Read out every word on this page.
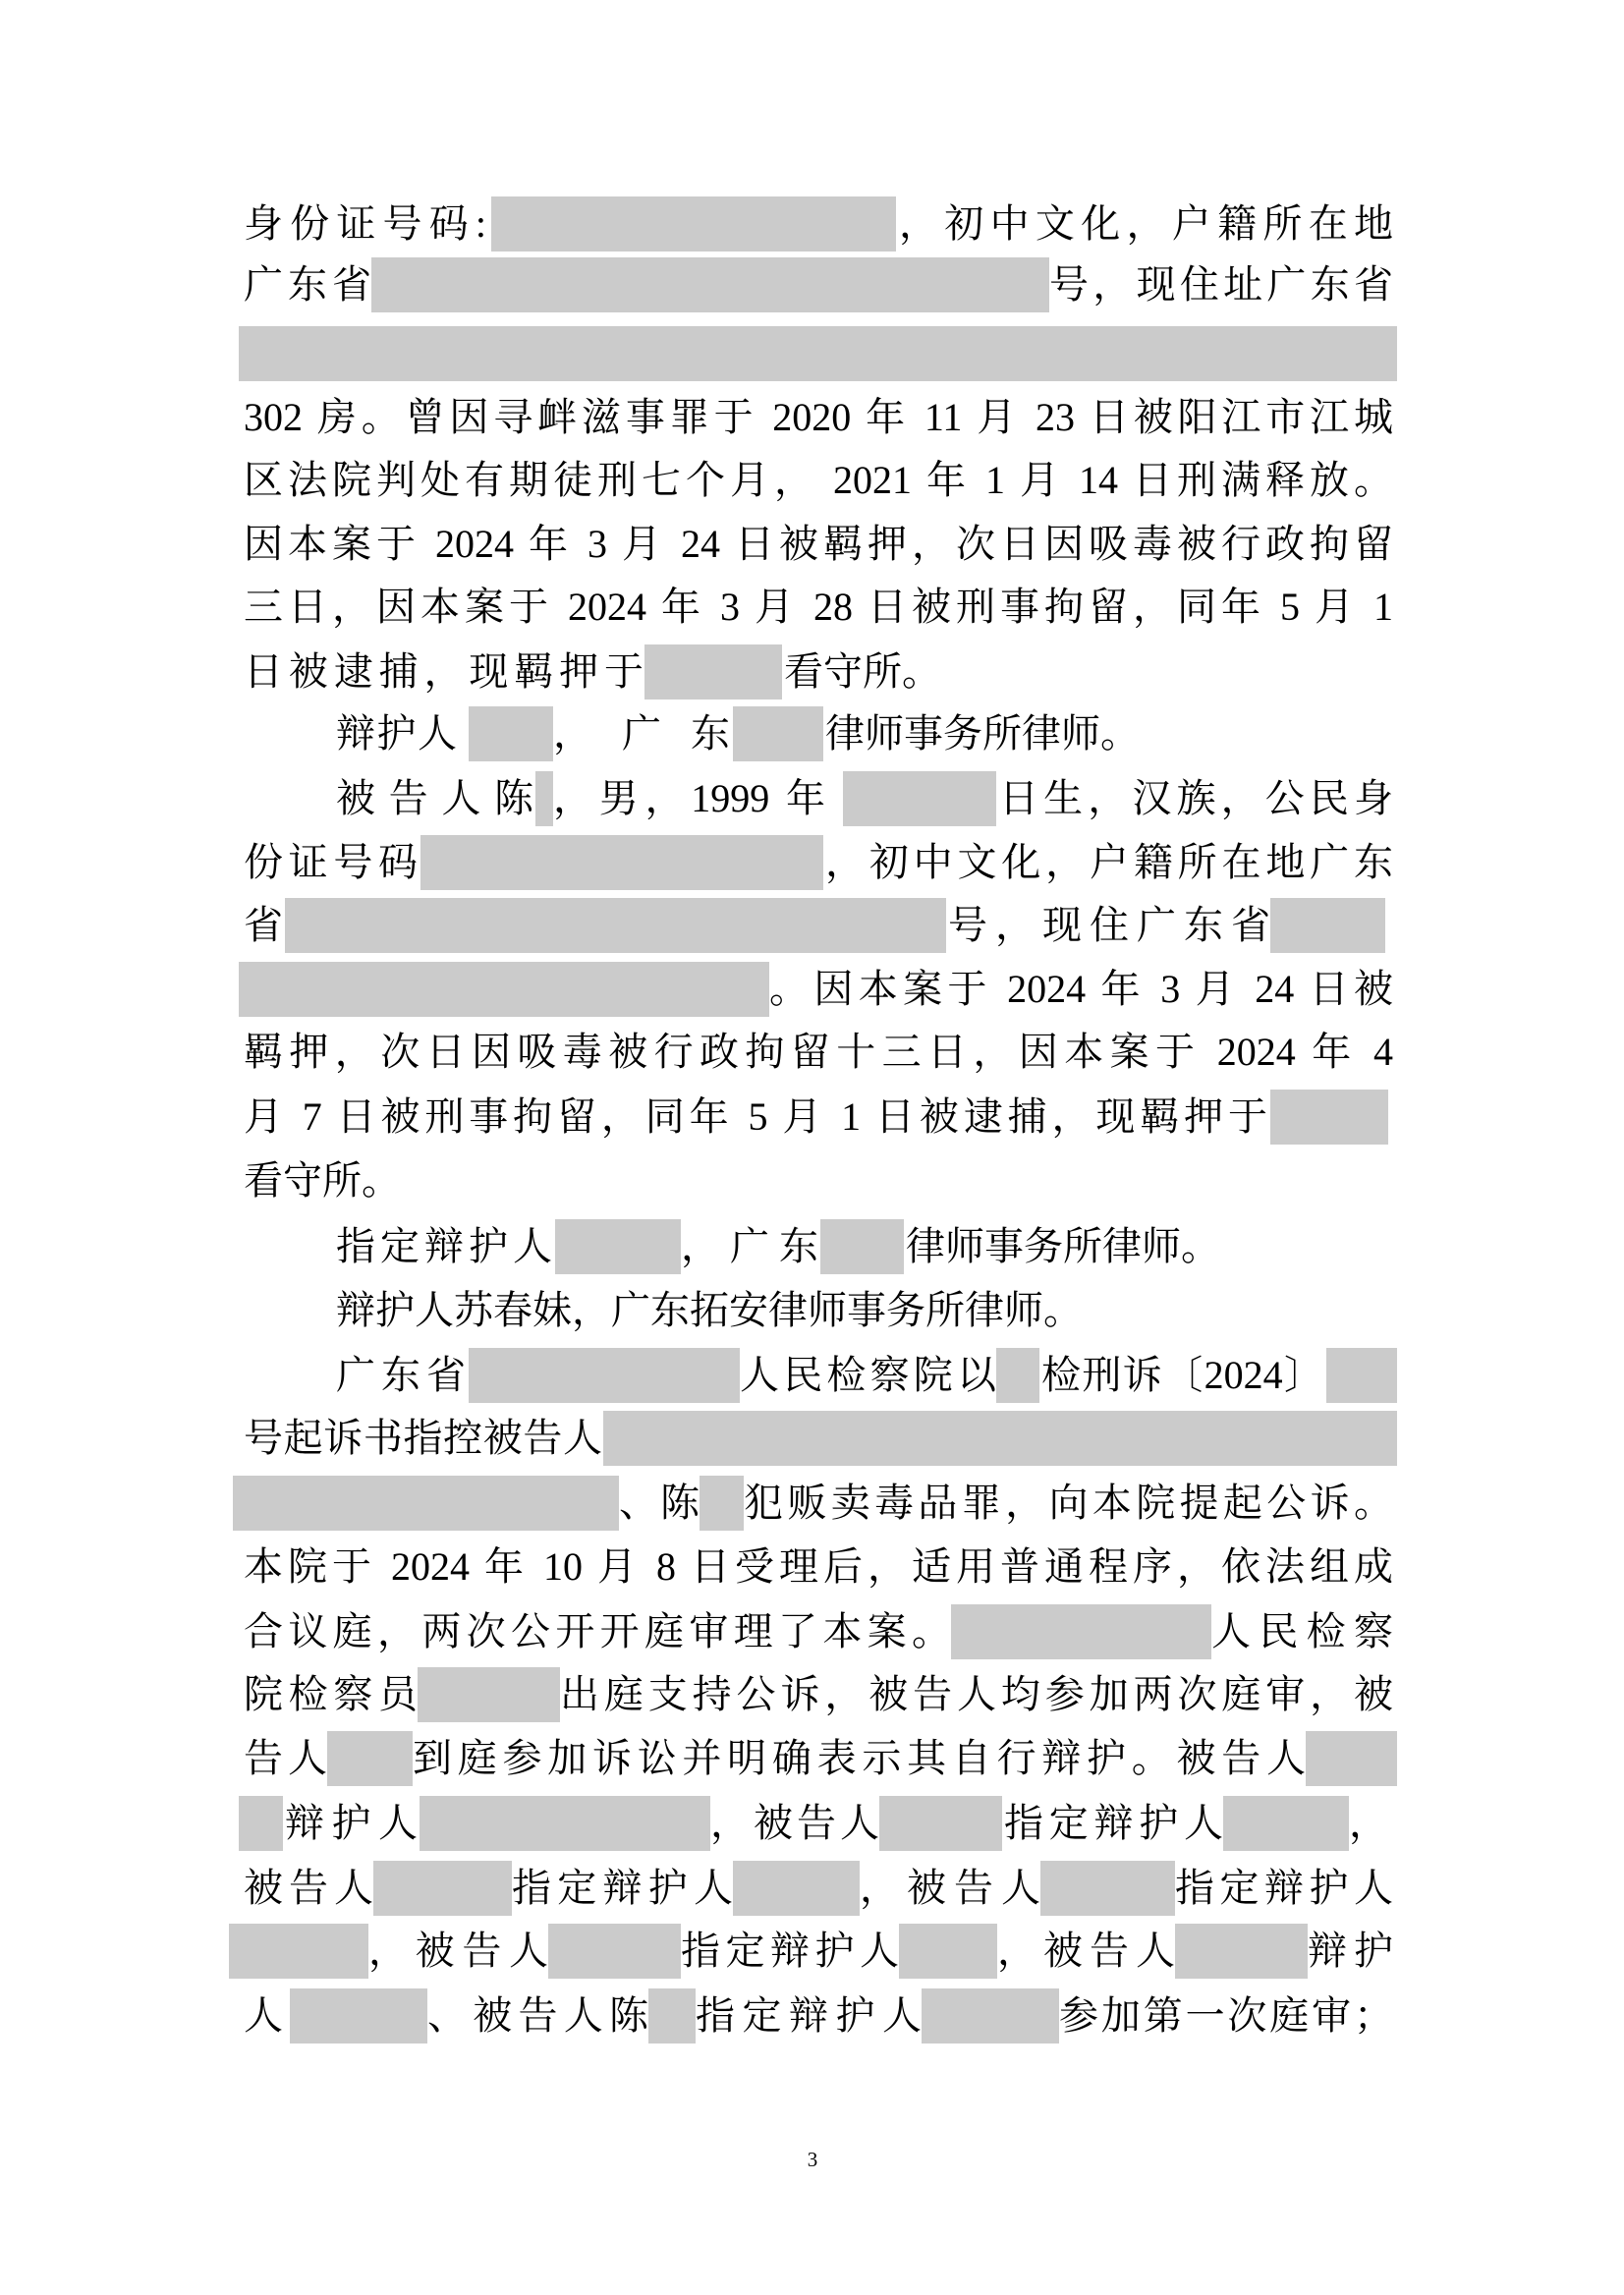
身份证号码:	，初中文化，户籍所在地
广东省	号，现住址广东省
302 房。曾因寻衅滋事罪于 2020 年 11 月 23 日被阳江市江城
区法院判处有期徒刑七个月， 2021 年 1 月 14 日刑满释放。
因本案于 2024 年 3 月 24 日被羁押，次日因吸毒被行政拘留
三日，因本案于 2024 年 3 月 28 日被刑事拘留，同年 5 月 1
日被逮捕，现羁押于	看守所。
辩护人 ，广东 律师事务所律师。
被告人陈 ，男，1999 年	日生，汉族，公民身
份证号码	，初中文化，户籍所在地广东
省	号，现住广东省
。因本案于 2024 年 3 月 24 日被
羁押，次日因吸毒被行政拘留十三日，因本案于 2024 年 4
月 7 日被刑事拘留，同年 5 月 1 日被逮捕，现羁押于
看守所。
指定辩护人	，广东 律师事务所律师。
辩护人苏春妹，广东拓安律师事务所律师。
广东省	人民检察院以 检刑诉〔2024〕
号起诉书指控被告人
、陈 犯贩卖毒品罪，向本院提起公诉。
本院于 2024 年 10 月 8 日受理后，适用普通程序，依法组成
合议庭，两次公开开庭审理了本案。	人民检察
院检察员	出庭支持公诉，被告人均参加两次庭审，被
告人 到庭参加诉讼并明确表示其自行辩护。被告人
辩护人	，被告人	指定辩护人	，
被告人	指定辩护人	，被告人	指定辩护人
，被告人	指定辩护人	，被告人	辩护
人	、被告人陈 指定辩护人	参加第一次庭审；
3
